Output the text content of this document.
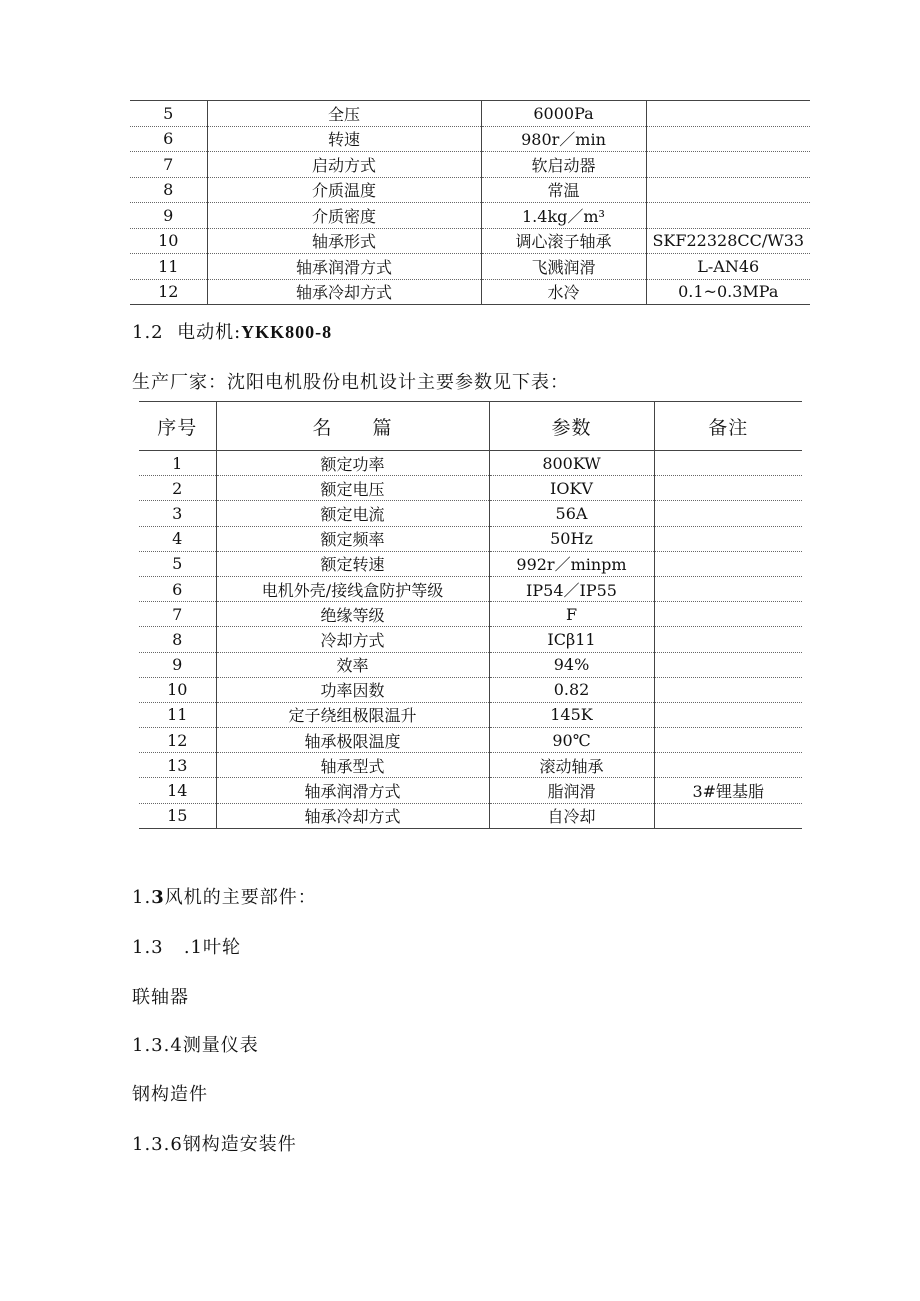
5	全压	6000Pa	
6	转速	980r／min	
7	启动方式	软启动器	
8	介质温度	常温	
9	介质密度	1.4kg／m³	
10	轴承形式	调心滚子轴承	SKF22328CC/W33
11	轴承润滑方式	飞溅润滑	L-AN46
12	轴承冷却方式	水冷	0.1~0.3MPa
1.2 电动机:YKK800-8
生产厂家：沈阳电机股份电机设计主要参数见下表：
序号	名　　篇	参数	备注
1	额定功率	800KW	
2	额定电压	IOKV	
3	额定电流	56A	
4	额定频率	50Hz	
5	额定转速	992r／minpm	
6	电机外壳/接线盒防护等级	IP54／IP55	
7	绝缘等级	F	
8	冷却方式	ICβ11	
9	效率	94%	
10	功率因数	0.82	
11	定子绕组极限温升	145K	
12	轴承极限温度	90℃	
13	轴承型式	滚动轴承	
14	轴承润滑方式	脂润滑	3#锂基脂
15	轴承冷却方式	自冷却	
1.3风机的主要部件：
1.3 .1叶轮
联轴器
1.3.4测量仪表
钢构造件
1.3.6钢构造安装件
